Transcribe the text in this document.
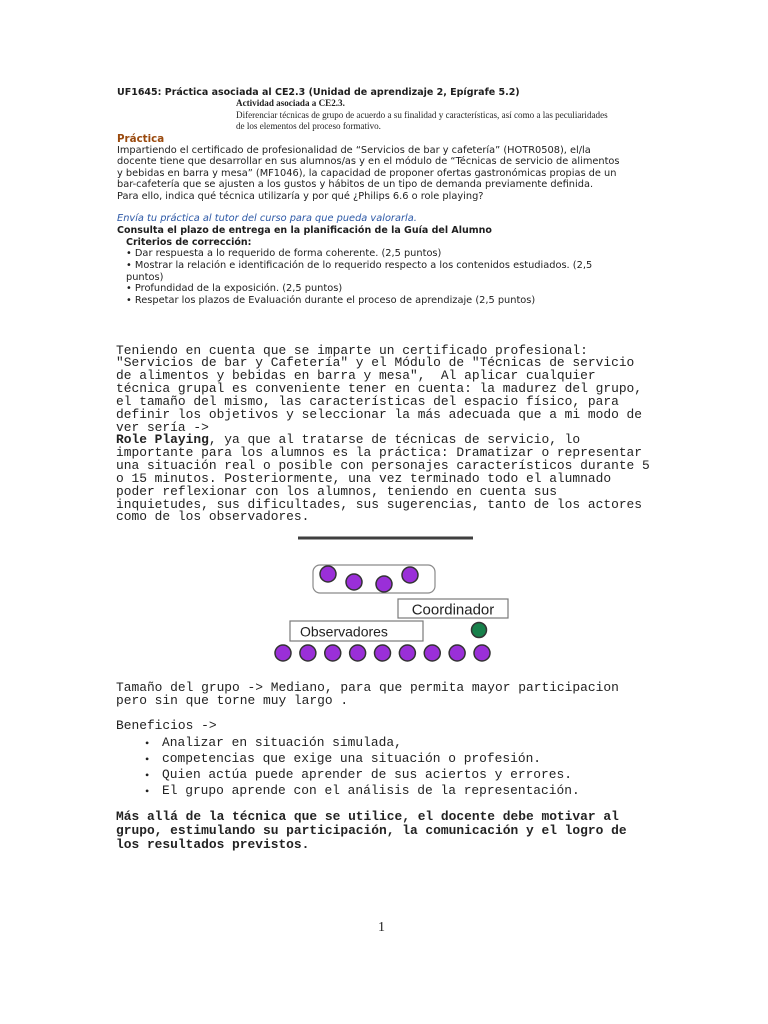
UF1645: Práctica asociada al CE2.3 (Unidad de aprendizaje 2, Epígrafe 5.2)
Actividad asociada a CE2.3.
Diferenciar técnicas de grupo de acuerdo a su finalidad y características, así como a las peculiaridades
de los elementos del proceso formativo.
Práctica
Impartiendo el certificado de profesionalidad de “Servicios de bar y cafetería” (HOTR0508), el/la
docente tiene que desarrollar en sus alumnos/as y en el módulo de “Técnicas de servicio de alimentos
y bebidas en barra y mesa” (MF1046), la capacidad de proponer ofertas gastronómicas propias de un
bar-cafetería que se ajusten a los gustos y hábitos de un tipo de demanda previamente definida.
Para ello, indica qué técnica utilizaría y por qué ¿Philips 6.6 o role playing?
Envía tu práctica al tutor del curso para que pueda valorarla.
Consulta el plazo de entrega en la planificación de la Guía del Alumno
Criterios de corrección:
• Dar respuesta a lo requerido de forma coherente. (2,5 puntos)
• Mostrar la relación e identificación de lo requerido respecto a los contenidos estudiados. (2,5
puntos)
• Profundidad de la exposición. (2,5 puntos)
• Respetar los plazos de Evaluación durante el proceso de aprendizaje (2,5 puntos)
Teniendo en cuenta que se imparte un certificado profesional:
"Servicios de bar y Cafetería" y el Módulo de "Técnicas de servicio
de alimentos y bebidas en barra y mesa",  Al aplicar cualquier
técnica grupal es conveniente tener en cuenta: la madurez del grupo,
el tamaño del mismo, las características del espacio físico, para
definir los objetivos y seleccionar la más adecuada que a mi modo de
ver sería ->
Role Playing, ya que al tratarse de técnicas de servicio, lo
importante para los alumnos es la práctica: Dramatizar o representar
una situación real o posible con personajes característicos durante 5
o 15 minutos. Posteriormente, una vez terminado todo el alumnado
poder reflexionar con los alumnos, teniendo en cuenta sus
inquietudes, sus dificultades, sus sugerencias, tanto de los actores
como de los observadores.
Coordinador
Observadores
Tamaño del grupo -> Mediano, para que permita mayor participacion
pero sin que torne muy largo .
Beneficios ->
• Analizar en situación simulada,
• competencias que exige una situación o profesión.
• Quien actúa puede aprender de sus aciertos y errores.
• El grupo aprende con el análisis de la representación.
Más allá de la técnica que se utilice, el docente debe motivar al
grupo, estimulando su participación, la comunicación y el logro de
los resultados previstos.
1
